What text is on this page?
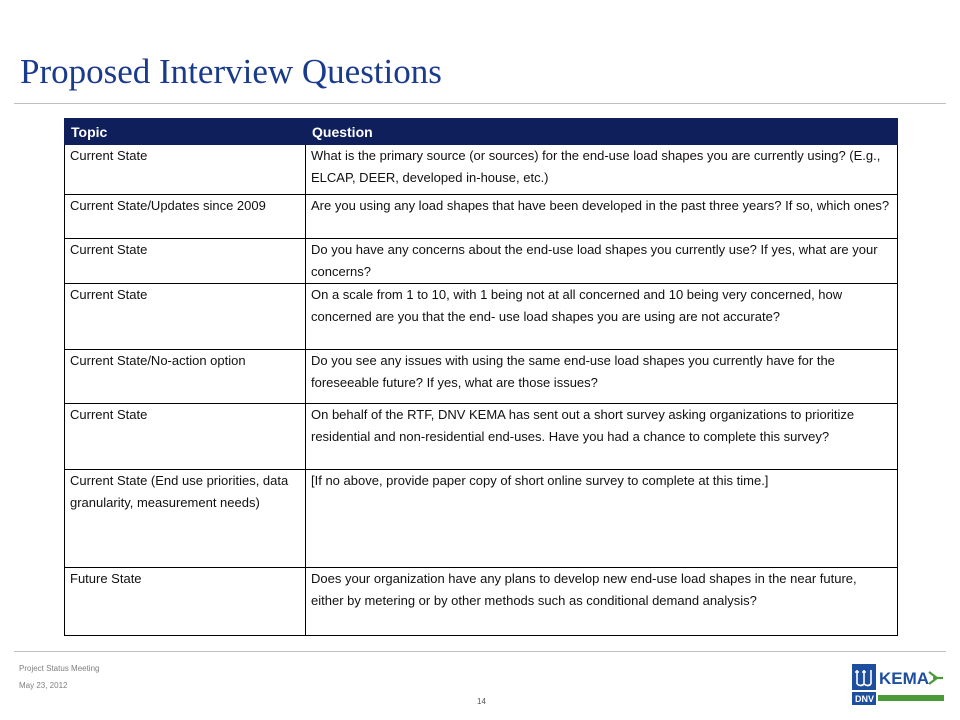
Proposed Interview Questions
Topic	Question
Current State	What is the primary source (or sources) for the end-use load shapes you are currently using? (E.g., ELCAP, DEER, developed in-house, etc.)
Current State/Updates since 2009	Are you using any load shapes that have been developed in the past three years? If so, which ones?
Current State	Do you have any concerns about the end-use load shapes you currently use? If yes, what are your concerns?
Current State	On a scale from 1 to 10, with 1 being not at all concerned and 10 being very concerned, how concerned are you that the end- use load shapes you are using are not accurate?
Current State/No-action option	Do you see any issues with using the same end-use load shapes you currently have for the foreseeable future? If yes, what are those issues?
Current State	On behalf of the RTF, DNV KEMA has sent out a short survey asking organizations to prioritize residential and non-residential end-uses. Have you had a chance to complete this survey?
Current State (End use priorities, data granularity, measurement needs)	[If no above, provide paper copy of short online survey to complete at this time.]
Future State	Does your organization have any plans to develop new end-use load shapes in the near future, either by metering or by other methods such as conditional demand analysis?
Project Status Meeting
May 23, 2012
14
KEMA
DNV
